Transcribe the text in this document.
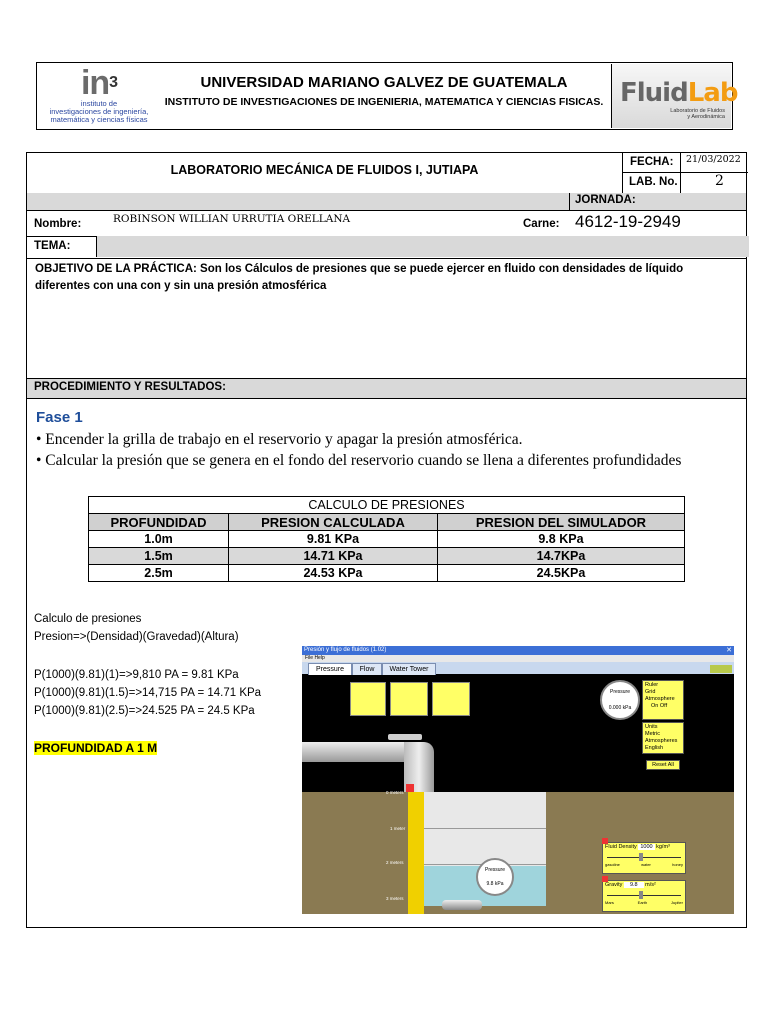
$in^3$
instituto de
investigaciones de ingeniería,
matemática y ciencias físicas
UNIVERSIDAD MARIANO GALVEZ DE GUATEMALA
INSTITUTO DE INVESTIGACIONES DE INGENIERIA, MATEMATICA Y CIENCIAS FISICAS. FluidLab
Laboratorio de Fluidos
y Aerodinámica
LABORATORIO MECÁNICA DE FLUIDOS I, JUTIAPA
FECHA: 21/03/2022
LAB. No.	2
JORNADA:
Nombre:	ROBINSON WILLIAN URRUTIA ORELLANA	Carne: 4612-19-2949
TEMA:
OBJETIVO DE LA PRÁCTICA: Son los Cálculos de presiones que se puede ejercer en fluido con densidades de líquido diferentes con una con y sin una presión atmosférica
PROCEDIMIENTO Y RESULTADOS:
Fase 1
• Encender la grilla de trabajo en el reservorio y apagar la presión atmosférica.
• Calcular la presión que se genera en el fondo del reservorio cuando se llena a diferentes profundidades
CALCULO DE PRESIONES		
PROFUNDIDAD	PRESION CALCULADA	PRESION DEL SIMULADOR
1.0m	9.81 KPa	9.8 KPa
1.5m	14.71 KPa	14.7KPa
2.5m	24.53 KPa	24.5KPa
Calculo de presiones
Presion=>(Densidad)(Gravedad)(Altura)
P(1000)(9.81)(1)=>9,810 PA = 9.81 KPa
P(1000)(9.81)(1.5)=>14,715 PA = 14.71 KPa
P(1000)(9.81)(2.5)=>24.525 PA = 24.5 KPa
PROFUNDIDAD A 1 M
Presión y flujo de fluidos (1.02)	✕
File Help
Pressure	Flow	Water Tower
Pressure
0.000 kPa
Ruler
Grid
Atmosphere
On Off
Units
Metric
Atmospheres
English
Reset All
0 meters
1 meter
2 meters
3 meters
Pressure
9.8 kPa
Fluid Density 1000 kg/m³
gasoline	water	honey
Gravity 9.8 m/s²
Mars	Earth	Jupiter
